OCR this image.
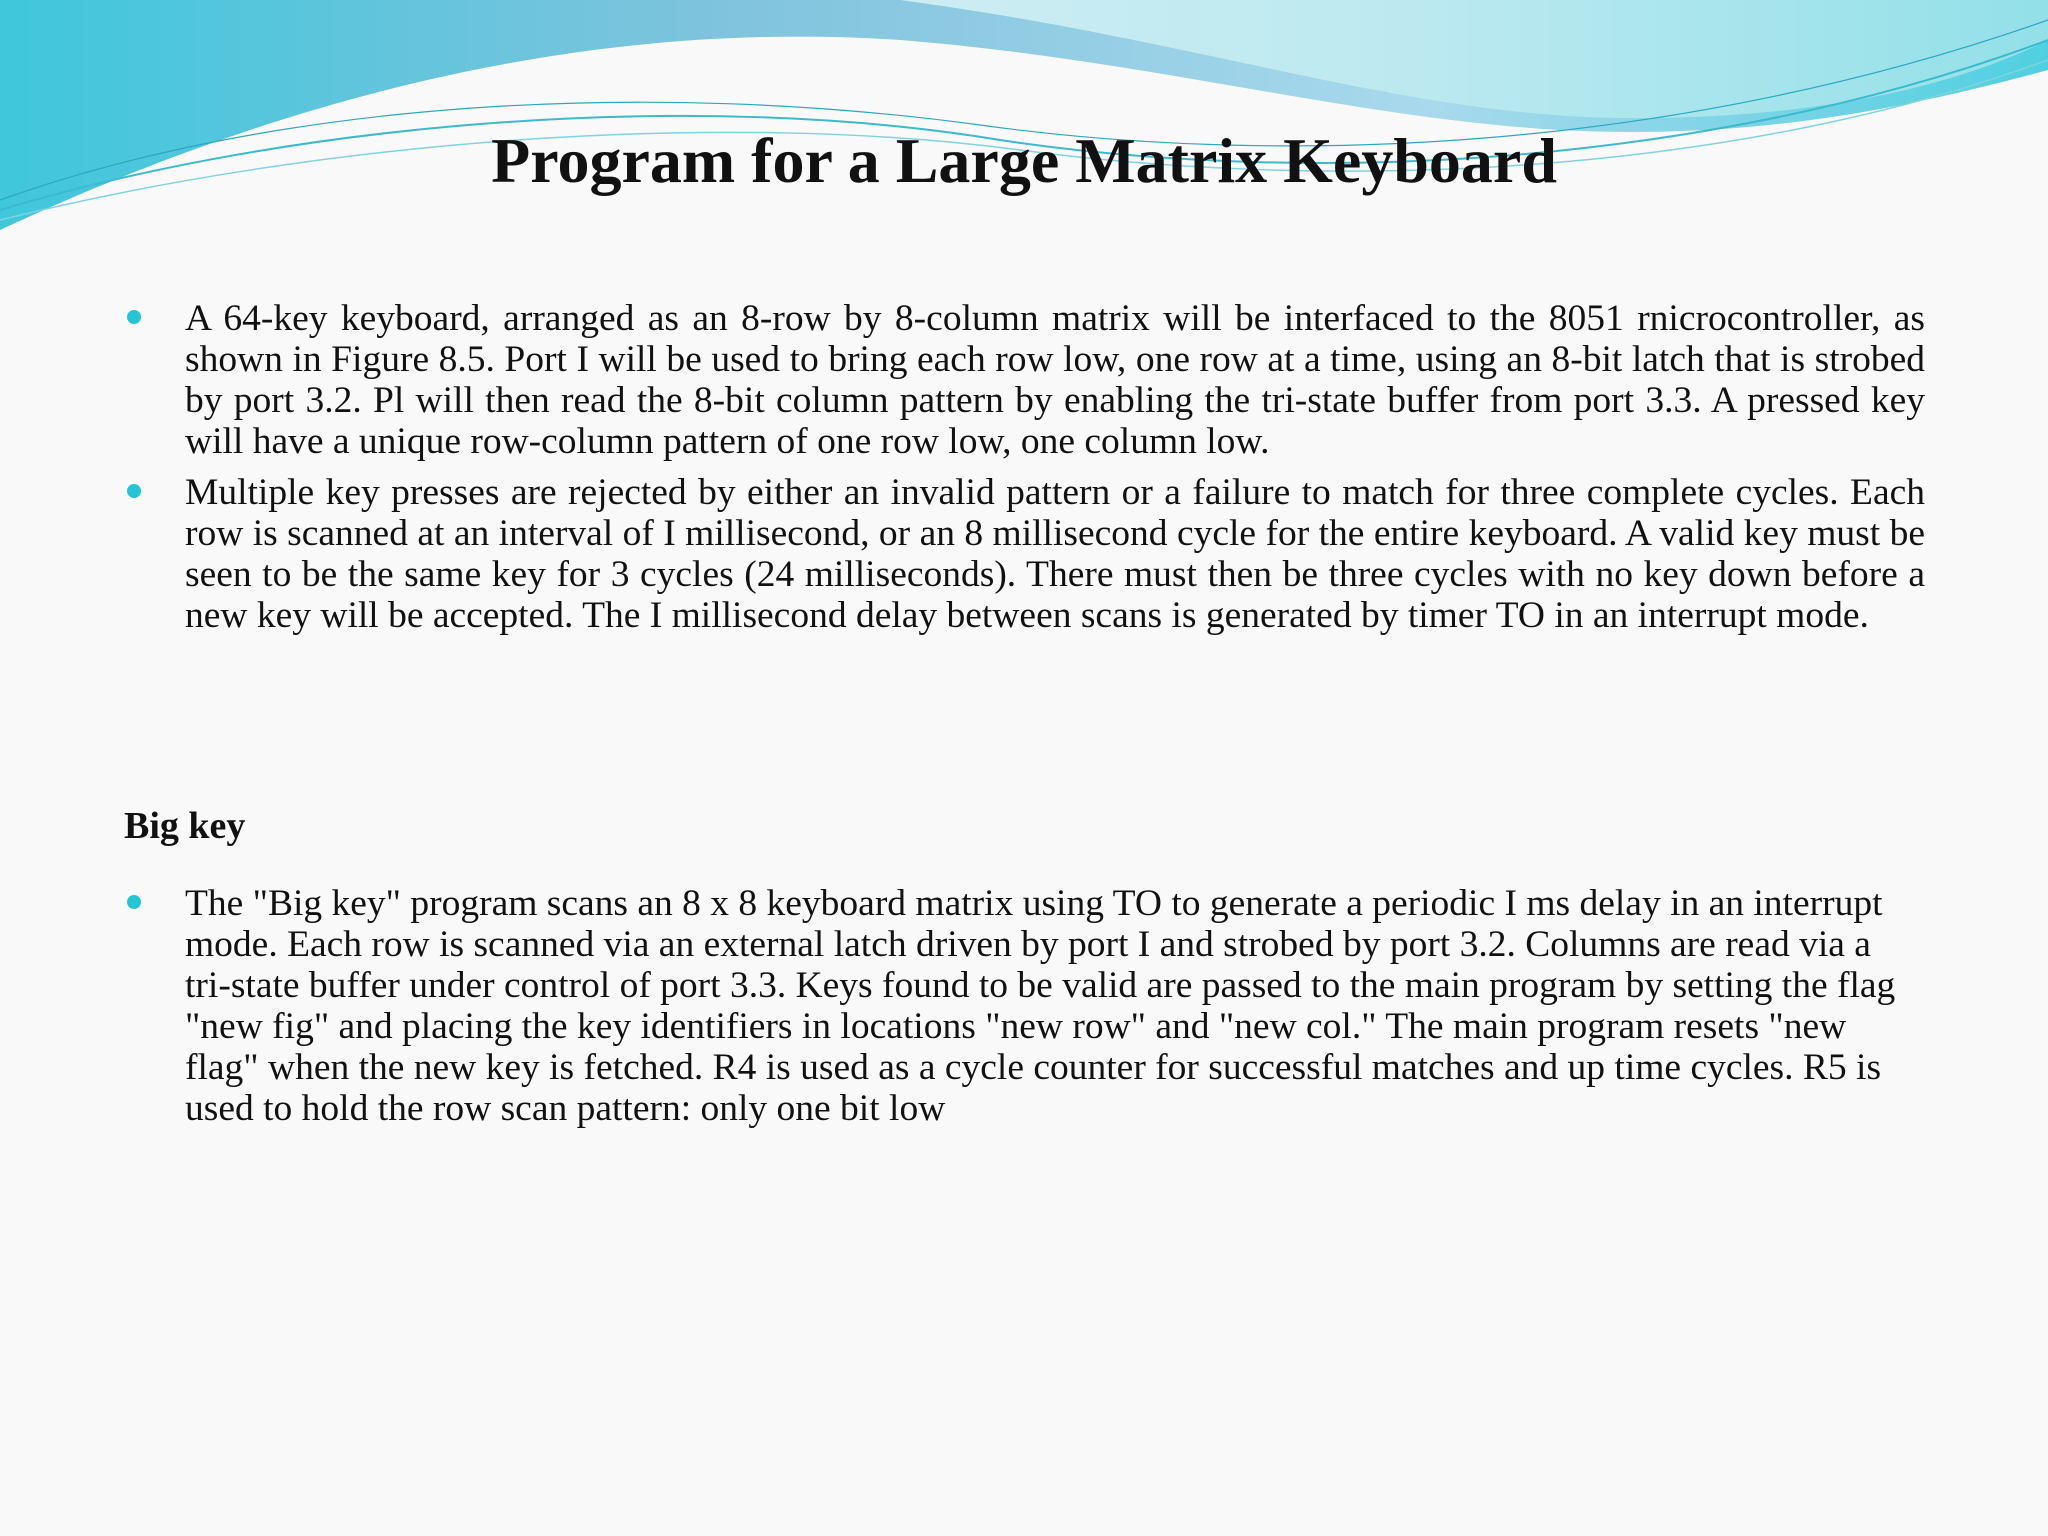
Program for a Large Matrix Keyboard
A 64-key keyboard, arranged as an 8-row by 8-column matrix will be interfaced to the 8051 rnicrocontroller, as shown in Figure 8.5. Port I will be used to bring each row low, one row at a time, using an 8-bit latch that is strobed by port 3.2. Pl will then read the 8-bit column pattern by enabling the tri-state buffer from port 3.3. A pressed key will have a unique row-column pattern of one row low, one column low.
Multiple key presses are rejected by either an invalid pattern or a failure to match for three complete cycles. Each row is scanned at an interval of I millisecond, or an 8 millisecond cycle for the entire keyboard. A valid key must be seen to be the same key for 3 cycles (24 milliseconds). There must then be three cycles with no key down before a new key will be accepted. The I millisecond delay between scans is generated by timer TO in an interrupt mode.
Big key
The "Big key" program scans an 8 x 8 keyboard matrix using TO to generate a periodic I ms delay in an interrupt mode. Each row is scanned via an external latch driven by port I and strobed by port 3.2. Columns are read via a tri-state buffer under control of port 3.3. Keys found to be valid are passed to the main program by setting the flag "new fig" and placing the key identifiers in locations "new row" and "new col." The main program resets "new flag" when the new key is fetched. R4 is used as a cycle counter for successful matches and up time cycles. R5 is used to hold the row scan pattern: only one bit low
